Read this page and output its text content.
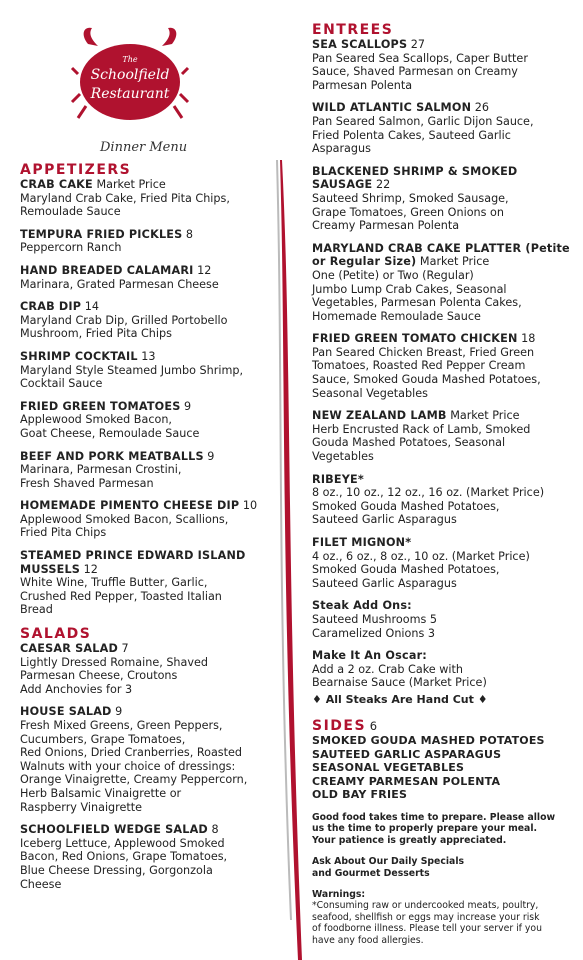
The
Schoolfield
Restaurant
Dinner Menu
APPETIZERS
CRAB CAKE Market Price
Maryland Crab Cake, Fried Pita Chips,
Remoulade Sauce
TEMPURA FRIED PICKLES 8
Peppercorn Ranch
HAND BREADED CALAMARI 12
Marinara, Grated Parmesan Cheese
CRAB DIP 14
Maryland Crab Dip, Grilled Portobello
Mushroom, Fried Pita Chips
SHRIMP COCKTAIL 13
Maryland Style Steamed Jumbo Shrimp,
Cocktail Sauce
FRIED GREEN TOMATOES 9
Applewood Smoked Bacon,
Goat Cheese, Remoulade Sauce
BEEF AND PORK MEATBALLS 9
Marinara, Parmesan Crostini,
Fresh Shaved Parmesan
HOMEMADE PIMENTO CHEESE DIP 10
Applewood Smoked Bacon, Scallions,
Fried Pita Chips
STEAMED PRINCE EDWARD ISLAND MUSSELS 12
White Wine, Truffle Butter, Garlic,
Crushed Red Pepper, Toasted Italian
Bread
SALADS
CAESAR SALAD 7
Lightly Dressed Romaine, Shaved
Parmesan Cheese, Croutons
Add Anchovies for 3
HOUSE SALAD 9
Fresh Mixed Greens, Green Peppers,
Cucumbers, Grape Tomatoes,
Red Onions, Dried Cranberries, Roasted
Walnuts with your choice of dressings:
Orange Vinaigrette, Creamy Peppercorn,
Herb Balsamic Vinaigrette or
Raspberry Vinaigrette
SCHOOLFIELD WEDGE SALAD 8
Iceberg Lettuce, Applewood Smoked
Bacon, Red Onions, Grape Tomatoes,
Blue Cheese Dressing, Gorgonzola
Cheese
ENTREES
SEA SCALLOPS 27
Pan Seared Sea Scallops, Caper Butter
Sauce, Shaved Parmesan on Creamy
Parmesan Polenta
WILD ATLANTIC SALMON 26
Pan Seared Salmon, Garlic Dijon Sauce,
Fried Polenta Cakes, Sauteed Garlic
Asparagus
BLACKENED SHRIMP & SMOKED SAUSAGE 22
Sauteed Shrimp, Smoked Sausage,
Grape Tomatoes, Green Onions on
Creamy Parmesan Polenta
MARYLAND CRAB CAKE PLATTER (Petite or Regular Size) Market Price
One (Petite) or Two (Regular)
Jumbo Lump Crab Cakes, Seasonal
Vegetables, Parmesan Polenta Cakes,
Homemade Remoulade Sauce
FRIED GREEN TOMATO CHICKEN 18
Pan Seared Chicken Breast, Fried Green
Tomatoes, Roasted Red Pepper Cream
Sauce, Smoked Gouda Mashed Potatoes,
Seasonal Vegetables
NEW ZEALAND LAMB Market Price
Herb Encrusted Rack of Lamb, Smoked
Gouda Mashed Potatoes, Seasonal
Vegetables
RIBEYE*
8 oz., 10 oz., 12 oz., 16 oz. (Market Price)
Smoked Gouda Mashed Potatoes,
Sauteed Garlic Asparagus
FILET MIGNON*
4 oz., 6 oz., 8 oz., 10 oz. (Market Price)
Smoked Gouda Mashed Potatoes,
Sauteed Garlic Asparagus
Steak Add Ons:
Sauteed Mushrooms 5
Caramelized Onions 3
Make It An Oscar:
Add a 2 oz. Crab Cake with
Bearnaise Sauce (Market Price)
♦ All Steaks Are Hand Cut ♦
SIDES 6
SMOKED GOUDA MASHED POTATOES
SAUTEED GARLIC ASPARAGUS
SEASONAL VEGETABLES
CREAMY PARMESAN POLENTA
OLD BAY FRIES
Good food takes time to prepare. Please allow
us the time to properly prepare your meal.
Your patience is greatly appreciated.
Ask About Our Daily Specials
and Gourmet Desserts
Warnings:
*Consuming raw or undercooked meats, poultry,
seafood, shellfish or eggs may increase your risk
of foodborne illness. Please tell your server if you
have any food allergies.
